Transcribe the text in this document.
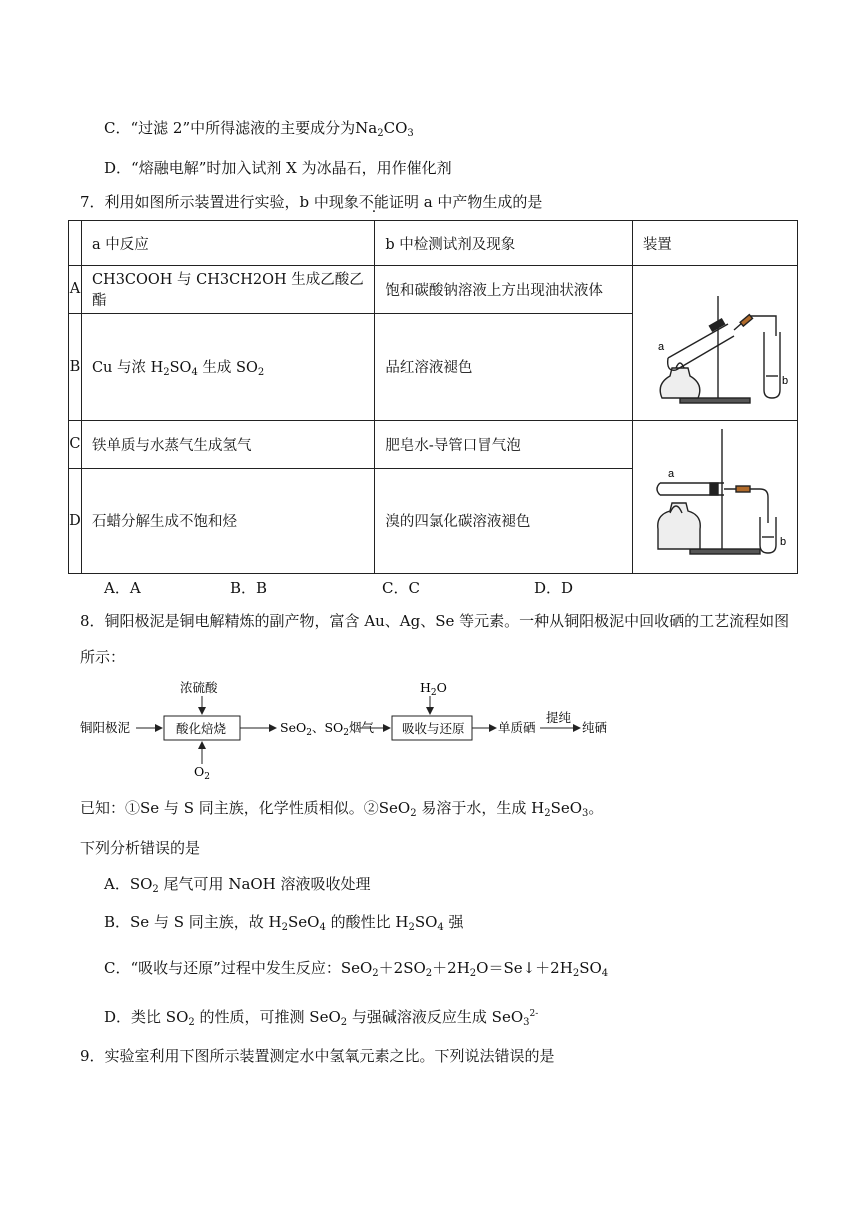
C．“过滤 2”中所得滤液的主要成分为$Na_2CO_3$
D．“熔融电解”时加入试剂 X 为冰晶石，用作催化剂
7．利用如图所示装置进行实验，b 中现象不能证明 a 中产物生成的是
	a 中反应	b 中检测试剂及现象	装置
A	CH3COOH 与 CH3CH2OH 生成乙酸乙酯	饱和碳酸钠溶液上方出现油状液体	a
b

B	Cu 与浓 $H_2SO_4$ 生成 $SO_2$	品红溶液褪色	
C	铁单质与水蒸气生成氢气	肥皂水-导管口冒气泡	a
b

D	石蜡分解生成不饱和烃	溴的四氯化碳溶液褪色	
A．A	B．B	C．C	D．D
8．铜阳极泥是铜电解精炼的副产物，富含 Au、Ag、Se 等元素。一种从铜阳极泥中回收硒的工艺流程如图
所示：
铜阳极泥
浓硫酸
酸化焙烧
$O_2$
SeO$_2$、$SO_2$烟气
$H_2O$
吸收与还原	单质硒
提纯
纯硒
已知：①Se 与 S 同主族，化学性质相似。②SeO$_2$ 易溶于水，生成 $H_2SeO_3$。
下列分析错误的是
A．$SO_2$ 尾气可用 NaOH 溶液吸收处理
B．Se 与 S 同主族，故 $H_2SeO_4$ 的酸性比 $H_2SO_4$ 强
C．“吸收与还原”过程中发生反应：$SeO_2+2SO_2+2H_2O=Se↓+2H_2SO_4$
D．类比 $SO_2$ 的性质，可推测 SeO$_2$ 与强碱溶液反应生成 SeO$_3^{2-}$
9．实验室利用下图所示装置测定水中氢氧元素之比。下列说法错误的是
